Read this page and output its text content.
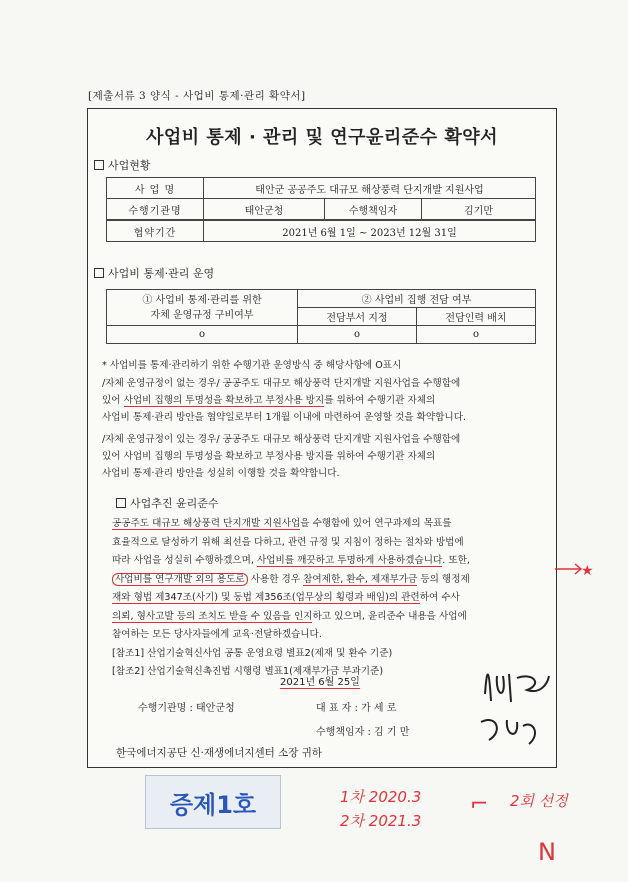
[제출서류 3 양식 - 사업비 통제·관리 확약서]
사업비 통제 · 관리 및 연구윤리준수 확약서
사업현황
사 업 명	태안군 공공주도 대규모 해상풍력 단지개발 지원사업		
수행기관명	태안군청	수행책임자	김기만
협약기간	2021년 6월 1일 ~ 2023년 12월 31일		
사업비 통제·관리 운영
① 사업비 통제·관리를 위한
자체 운영규정 구비여부	② 사업비 집행 전담 여부	
	전담부서 지정	전담인력 배치
o	o	o
* 사업비를 통제·관리하기 위한 수행기관 운영방식 중 해당사항에 O표시
/자체 운영규정이 없는 경우/ 공공주도 대규모 해상풍력 단지개발 지원사업을 수행함에
있어 사업비 집행의 투명성을 확보하고 부정사용 방지를 위하여 수행기관 자체의
사업비 통제·관리 방안을 협약일로부터 1개월 이내에 마련하여 운영할 것을 확약합니다.
/자체 운영규정이 있는 경우/ 공공주도 대규모 해상풍력 단지개발 지원사업을 수행함에
있어 사업비 집행의 투명성을 확보하고 부정사용 방지를 위하여 수행기관 자체의
사업비 통제·관리 방안을 성실히 이행할 것을 확약합니다.
사업추진 윤리준수
공공주도 대규모 해상풍력 단지개발 지원사업을 수행함에 있어 연구과제의 목표를
효율적으로 달성하기 위해 최선을 다하고, 관련 규정 및 지침이 정하는 절차와 방법에
따라 사업을 성실히 수행하겠으며, 사업비를 깨끗하고 투명하게 사용하겠습니다. 또한,
사업비를 연구개발 외의 용도로 사용한 경우 참여제한, 환수, 제재부가금 등의 행정제
재와 형법 제347조(사기) 및 동법 제356조(업무상의 횡령과 배임)의 관련하여 수사
의뢰, 형사고발 등의 조치도 받을 수 있음을 인지하고 있으며, 윤리준수 내용을 사업에
참여하는 모든 당사자들에게 교육·전달하겠습니다.
[참조1] 산업기술혁신사업 공통 운영요령 별표2(제재 및 환수 기준)
[참조2] 산업기술혁신촉진법 시행령 별표1(제재부가금 부과기준)
2021년 6월 25일
수행기관명 : 태안군청	대 표 자 : 가 세 로
수행책임자 : 김 기 만
한국에너지공단 신·재생에너지센터 소장 귀하
★
증제1호	1차 2020.3
2차 2021.3
⌐ 2회 선정
N
